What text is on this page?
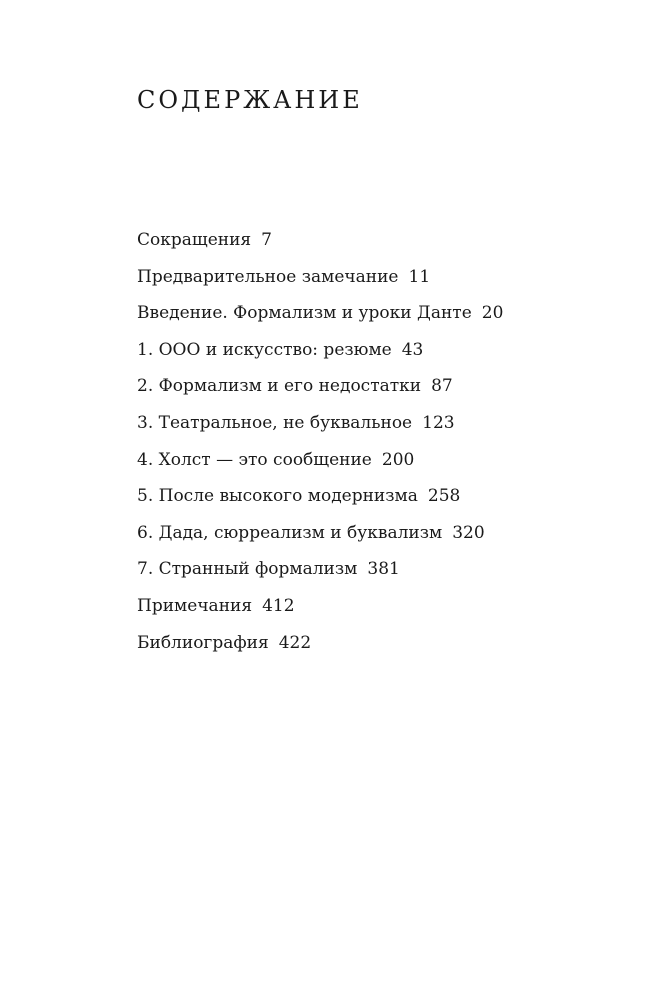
СОДЕРЖАНИЕ
Сокращения 7
Предварительное замечание 11
Введение. Формализм и уроки Данте 20
1. ООО и искусство: резюме 43
2. Формализм и его недостатки 87
3. Театральное, не буквальное 123
4. Холст — это сообщение 200
5. После высокого модернизма 258
6. Дада, сюрреализм и буквализм 320
7. Странный формализм 381
Примечания 412
Библиография 422
